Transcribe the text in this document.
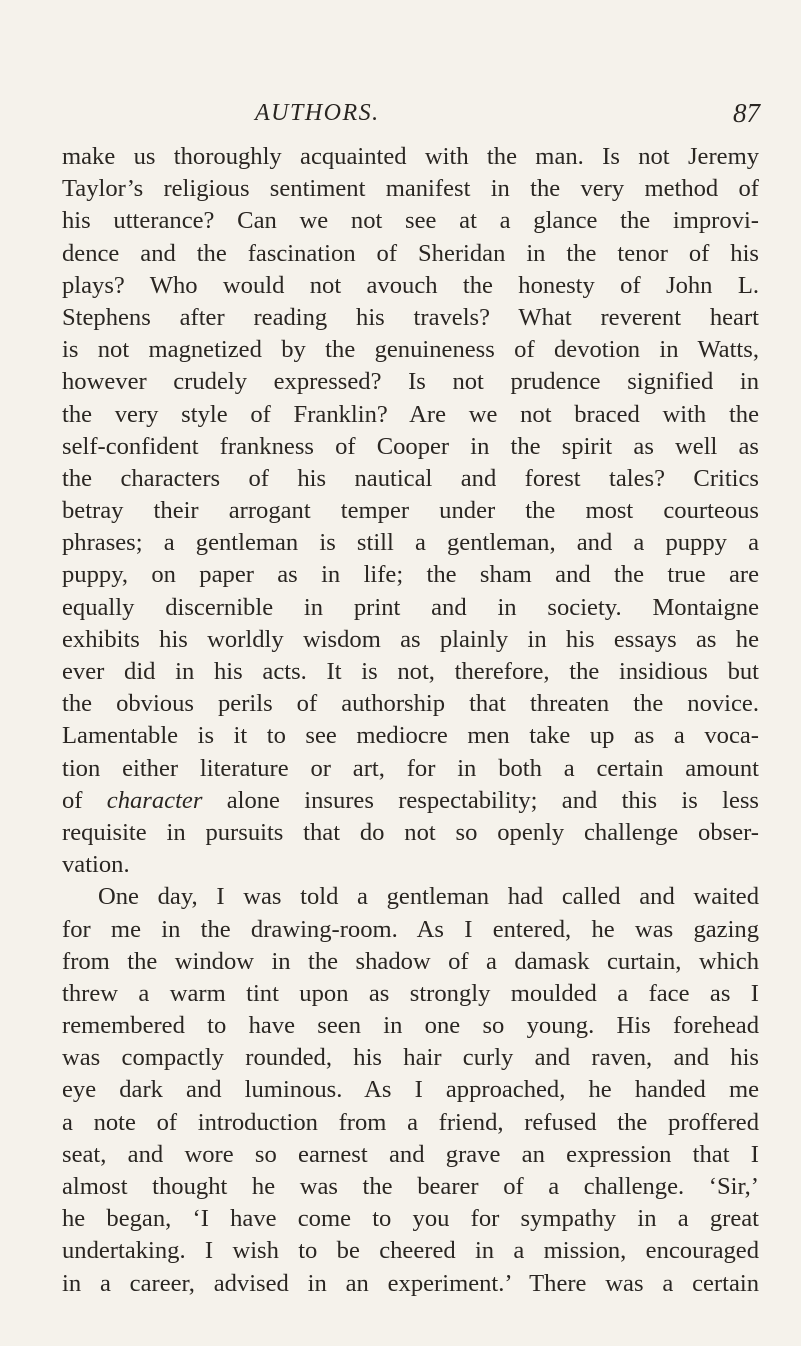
AUTHORS.	87
make us thoroughly acquainted with the man. Is not Jeremy
Taylor’s religious sentiment manifest in the very method of
his utterance? Can we not see at a glance the improvi-
dence and the fascination of Sheridan in the tenor of his
plays? Who would not avouch the honesty of John L.
Stephens after reading his travels? What reverent heart
is not magnetized by the genuineness of devotion in Watts,
however crudely expressed? Is not prudence signified in
the very style of Franklin? Are we not braced with the
self-confident frankness of Cooper in the spirit as well as
the characters of his nautical and forest tales? Critics
betray their arrogant temper under the most courteous
phrases; a gentleman is still a gentleman, and a puppy a
puppy, on paper as in life; the sham and the true are
equally discernible in print and in society. Montaigne
exhibits his worldly wisdom as plainly in his essays as he
ever did in his acts. It is not, therefore, the insidious but
the obvious perils of authorship that threaten the novice.
Lamentable is it to see mediocre men take up as a voca-
tion either literature or art, for in both a certain amount
of character alone insures respectability; and this is less
requisite in pursuits that do not so openly challenge obser-
vation.
One day, I was told a gentleman had called and waited
for me in the drawing-room. As I entered, he was gazing
from the window in the shadow of a damask curtain, which
threw a warm tint upon as strongly moulded a face as I
remembered to have seen in one so young. His forehead
was compactly rounded, his hair curly and raven, and his
eye dark and luminous. As I approached, he handed me
a note of introduction from a friend, refused the proffered
seat, and wore so earnest and grave an expression that I
almost thought he was the bearer of a challenge. ‘Sir,’
he began, ‘I have come to you for sympathy in a great
undertaking. I wish to be cheered in a mission, encouraged
in a career, advised in an experiment.’ There was a certain
